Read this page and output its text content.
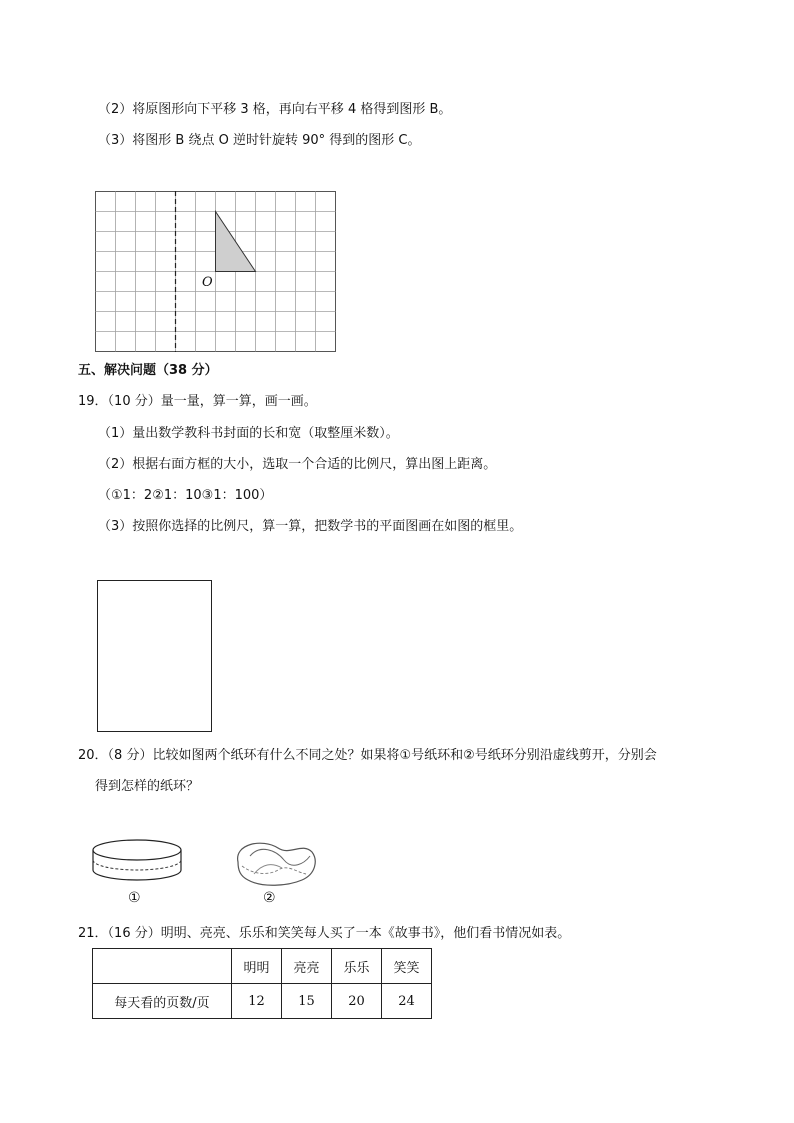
（2）将原图形向下平移 3 格，再向右平移 4 格得到图形 B。
（3）将图形 B 绕点 O 逆时针旋转 90° 得到的图形 C。
O
五、解决问题（38 分）
19．（10 分）量一量，算一算，画一画。
（1）量出数学教科书封面的长和宽（取整厘米数）。
（2）根据右面方框的大小，选取一个合适的比例尺，算出图上距离。
（①1：2②1：10③1：100）
（3）按照你选择的比例尺，算一算，把数学书的平面图画在如图的框里。
20．（8 分）比较如图两个纸环有什么不同之处？如果将①号纸环和②号纸环分别沿虚线剪开，分别会
得到怎样的纸环？
①	②
21．（16 分）明明、亮亮、乐乐和笑笑每人买了一本《故事书》，他们看书情况如表。
	明明	亮亮	乐乐	笑笑
每天看的页数/页	12	15	20	24
